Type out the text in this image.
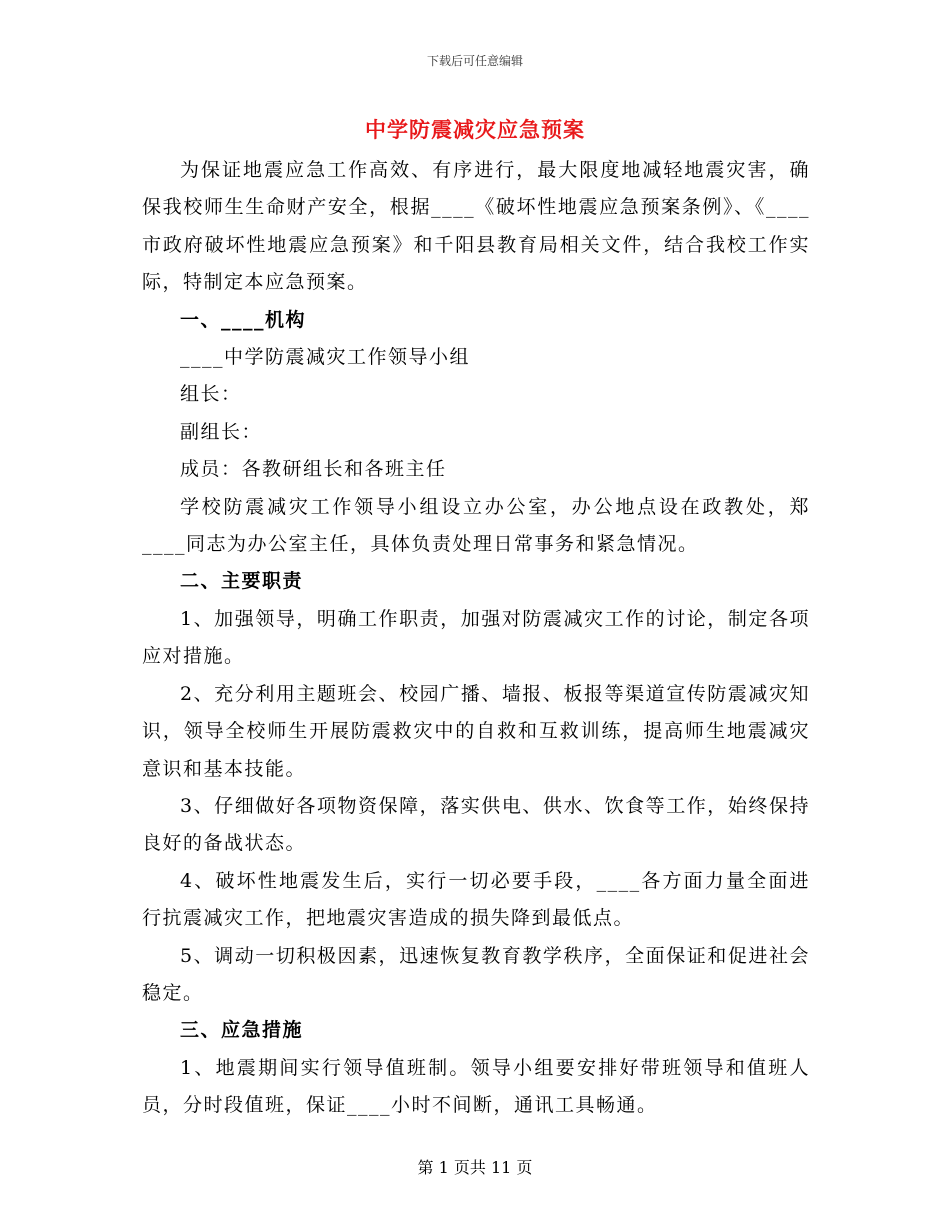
下载后可任意编辑
中学防震减灾应急预案

为保证地震应急工作高效、有序进行，最大限度地减轻地震灾害，确保我校师生生命财产安全，根据____《破坏性地震应急预案条例》、《____市政府破坏性地震应急预案》和千阳县教育局相关文件，结合我校工作实际，特制定本应急预案。

一、____机构

____中学防震减灾工作领导小组

组长：

副组长：

成员：各教研组长和各班主任

学校防震减灾工作领导小组设立办公室，办公地点设在政教处，郑____同志为办公室主任，具体负责处理日常事务和紧急情况。

二、主要职责

1、加强领导，明确工作职责，加强对防震减灾工作的讨论，制定各项应对措施。

2、充分利用主题班会、校园广播、墙报、板报等渠道宣传防震减灾知识，领导全校师生开展防震救灾中的自救和互救训练，提高师生地震减灾意识和基本技能。

3、仔细做好各项物资保障，落实供电、供水、饮食等工作，始终保持良好的备战状态。

4、破坏性地震发生后，实行一切必要手段，____各方面力量全面进行抗震减灾工作，把地震灾害造成的损失降到最低点。

5、调动一切积极因素，迅速恢复教育教学秩序，全面保证和促进社会稳定。

三、应急措施

1、地震期间实行领导值班制。领导小组要安排好带班领导和值班人员，分时段值班，保证____小时不间断，通讯工具畅通。

第 1 页共 11 页
